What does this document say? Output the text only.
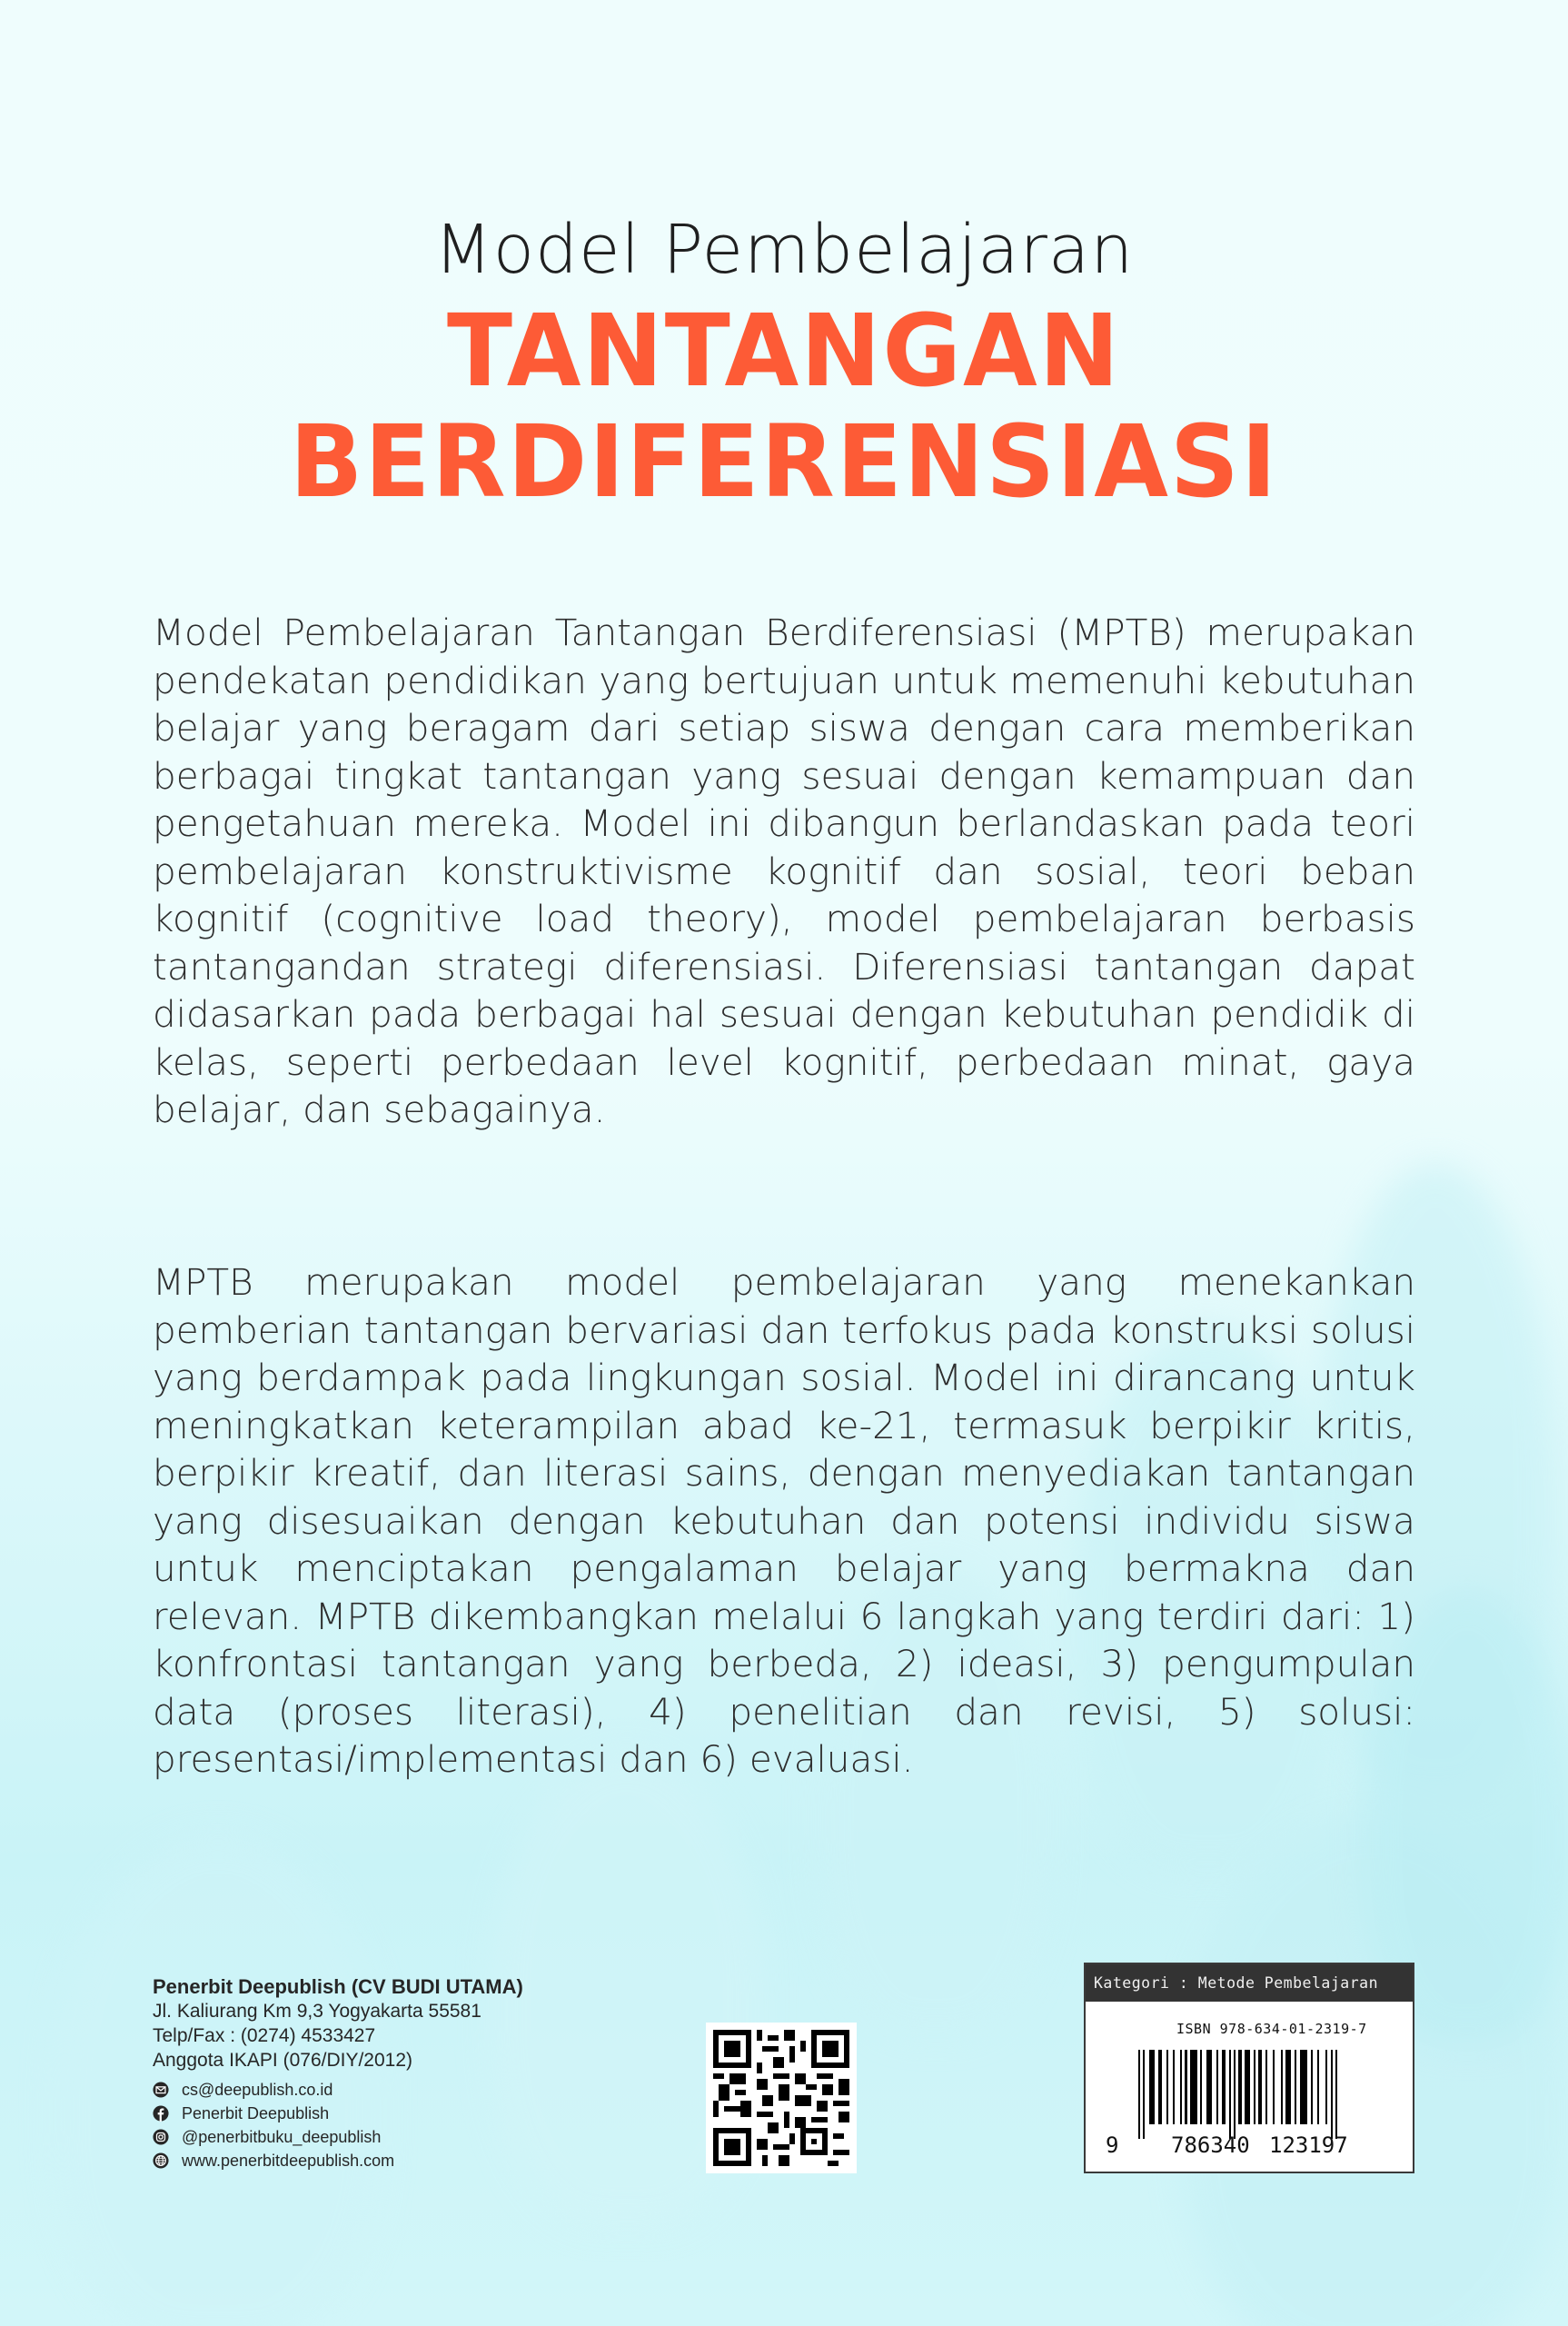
Model Pembelajaran
TANTANGAN
BERDIFERENSIASI

Model Pembelajaran Tantangan Berdiferensiasi (MPTB) merupakan pendekatan pendidikan yang bertujuan untuk memenuhi kebutuhan belajar yang beragam dari setiap siswa dengan cara memberikan berbagai tingkat tantangan yang sesuai dengan kemampuan dan pengetahuan mereka. Model ini dibangun berlandaskan pada teori pembelajaran konstruktivisme kognitif dan sosial, teori beban kognitif (cognitive load theory), model pembelajaran berbasis tantangandan strategi diferensiasi. Diferensiasi tantangan dapat didasarkan pada berbagai hal sesuai dengan kebutuhan pendidik di kelas, seperti perbedaan level kognitif, perbedaan minat, gaya belajar, dan sebagainya.

MPTB merupakan model pembelajaran yang menekankan pemberian tantangan bervariasi dan terfokus pada konstruksi solusi yang berdampak pada lingkungan sosial. Model ini dirancang untuk meningkatkan keterampilan abad ke-21, termasuk berpikir kritis, berpikir kreatif, dan literasi sains, dengan menyediakan tantangan yang disesuaikan dengan kebutuhan dan potensi individu siswa untuk menciptakan pengalaman belajar yang bermakna dan relevan. MPTB dikembangkan melalui 6 langkah yang terdiri dari: 1) konfrontasi tantangan yang berbeda, 2) ideasi, 3) pengumpulan data (proses literasi), 4) penelitian dan revisi, 5) solusi: presentasi/implementasi dan 6) evaluasi.

Penerbit Deepublish (CV BUDI UTAMA)
Jl. Kaliurang Km 9,3 Yogyakarta 55581
Telp/Fax : (0274) 4533427
Anggota IKAPI (076/DIY/2012)
cs@deepublish.co.id
Penerbit Deepublish
@penerbitbuku_deepublish
www.penerbitdeepublish.com
Kategori : Metode Pembelajaran
ISBN 978-634-01-2319-7
9 786340 123197
